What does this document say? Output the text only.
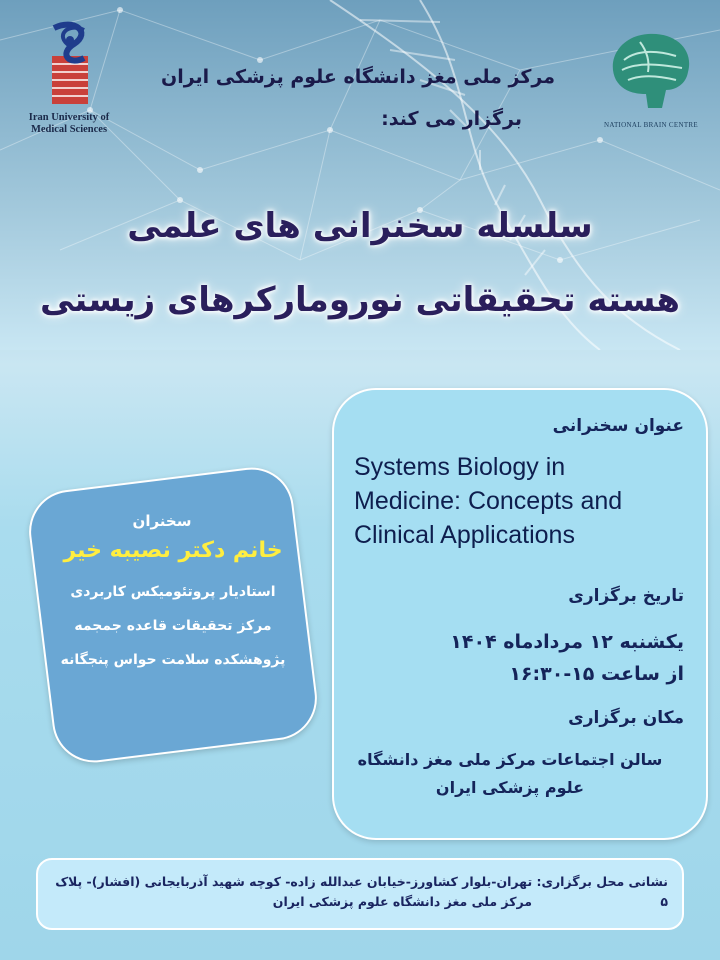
Iran University of
Medical Sciences	NATIONAL BRAIN CENTRE
مرکز ملی مغز دانشگاه علوم پزشکی ایران
برگزار می کند:
سلسله سخنرانی های علمی
هسته تحقیقاتی نورومارکرهای زیستی
عنوان سخنرانی
Systems Biology in
Medicine: Concepts and
Clinical Applications
تاریخ برگزاری
یکشنبه ۱۲ مردادماه ۱۴۰۴
از ساعت ۱۵-۱۶:۳۰
مکان برگزاری
سالن اجتماعات مرکز ملی مغز دانشگاه
علوم پزشکی ایران
سخنران
خانم دکتر نصیبه خیر
استادیار پروتئومیکس کاربردی
مرکز تحقیقات قاعده جمجمه
پژوهشکده سلامت حواس پنجگانه
نشانی محل برگزاری: تهران-بلوار کشاورز-خیابان عبدالله زاده- کوچه شهید آذربایجانی (افشار)- پلاک ۵
مرکز ملی مغز دانشگاه علوم پزشکی ایران
